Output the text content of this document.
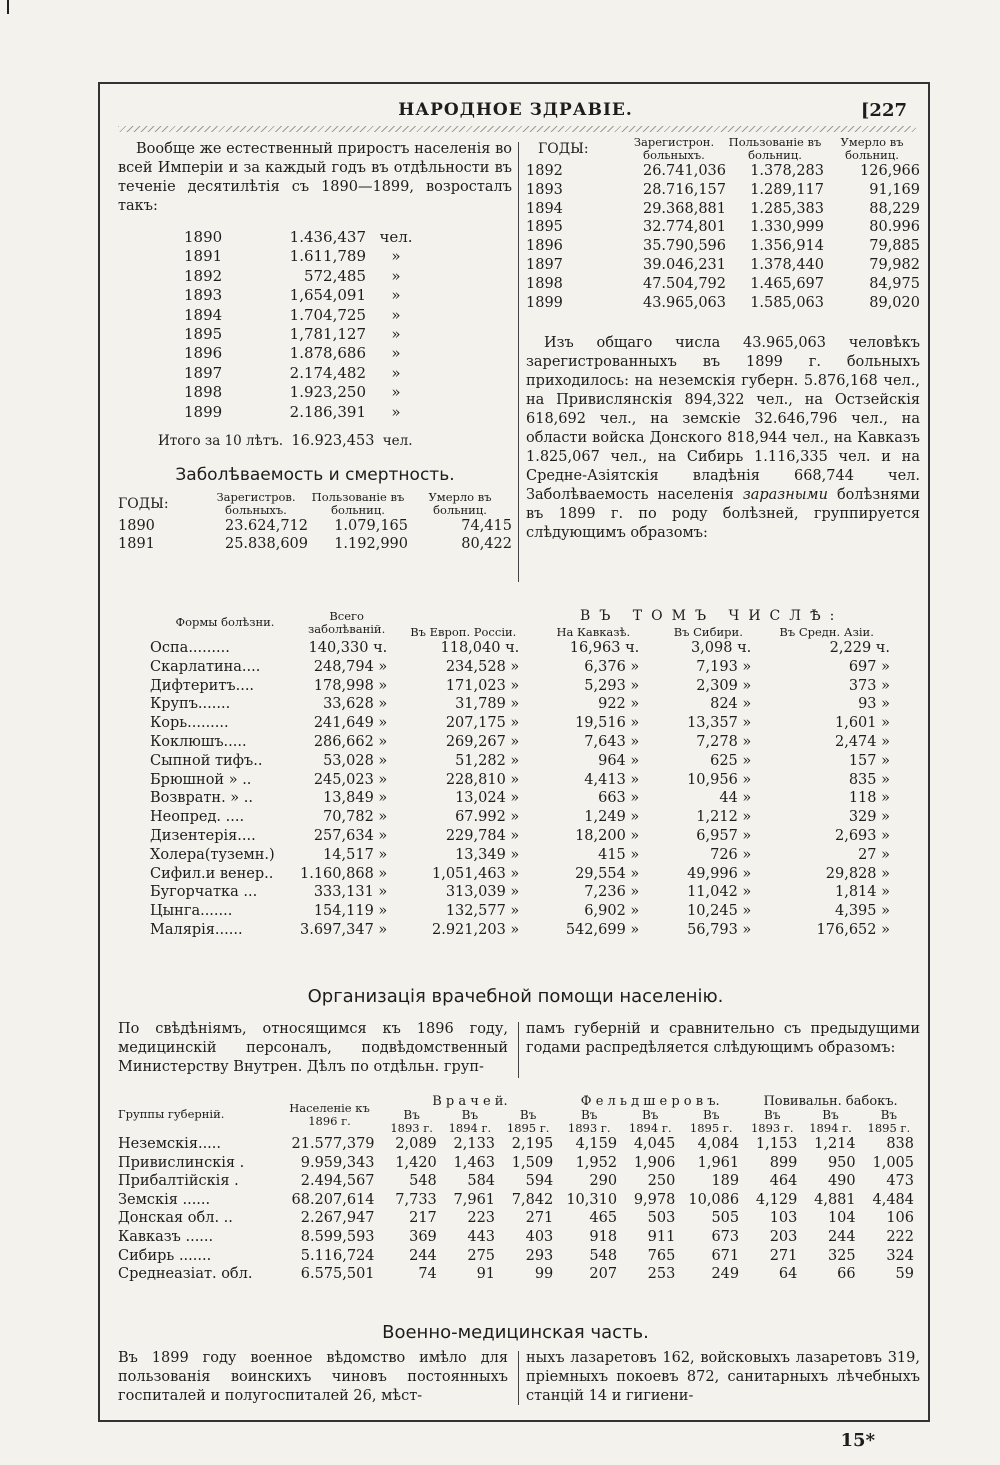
НАРОДНОЕ ЗДРАВІЕ.	[227

Вообще же естественный приростъ населенія во всей Имперіи и за каждый годъ въ отдѣльности въ теченіе десятилѣтія съ 1890—1899, возросталъ такъ:

1890	1.436,437	чел.
1891	1.611,789	»
1892	572,485	»
1893	1,654,091	»
1894	1.704,725	»
1895	1,781,127	»
1896	1.878,686	»
1897	2.174,482	»
1898	1.923,250	»
1899	2.186,391	»
Итого за 10 лѣтъ. 16.923,453 чел.
Заболѣваемость и смертность.
ГОДЫ:	Зарегистров. больныхъ.	Пользованіе въ больниц.	Умерло въ больниц.
1890	23.624,712	1.079,165	74,415
1891	25.838,609	1.192,990	80,422
ГОДЫ:	Зарегистрон. больныхъ.	Пользованіе въ больниц.	Умерло въ больниц.
1892	26.741,036	1.378,283	126,966
1893	28.716,157	1.289,117	91,169
1894	29.368,881	1.285,383	88,229
1895	32.774,801	1.330,999	80.996
1896	35.790,596	1.356,914	79,885
1897	39.046,231	1.378,440	79,982
1898	47.504,792	1.465,697	84,975
1899	43.965,063	1.585,063	89,020

Изъ общаго числа 43.965,063 человѣкъ зарегистрованныхъ въ 1899 г. больныхъ приходилось: на неземскія губерн. 5.876,168 чел., на Привислянскія 894,322 чел., на Остзейскія 618,692 чел., на земскіе 32.646,796 чел., на области войска Донского 818,944 чел., на Кавказъ 1.825,067 чел., на Сибирь 1.116,335 чел. и на Средне-Азіятскія владѣнія 668,744 чел. Заболѣваемость населенія заразными болѣзнями въ 1899 г. по роду болѣзней, группируется слѣдующимъ образомъ:

Формы болѣзни.	Всего заболѣваній.	Въ Европ. Россіи.	ВЪ ТОМЪ ЧИСЛѢ:		
			На Кавказѣ.	Въ Сибири.	Въ Средн. Азіи.
Оспа.........	140,330 ч.	118,040 ч.	16,963 ч.	3,098 ч.	2,229 ч.
Скарлатина....	248,794 »	234,528 »	6,376 »	7,193 »	697 »
Дифтеритъ....	178,998 »	171,023 »	5,293 »	2,309 »	373 »
Крупъ.......	33,628 »	31,789 »	922 »	824 »	93 »
Корь.........	241,649 »	207,175 »	19,516 »	13,357 »	1,601 »
Коклюшъ.....	286,662 »	269,267 »	7,643 »	7,278 »	2,474 »
Сыпной тифъ..	53,028 »	51,282 »	964 »	625 »	157 »
Брюшной » ..	245,023 »	228,810 »	4,413 »	10,956 »	835 »
Возвратн. » ..	13,849 »	13,024 »	663 »	44 »	118 »
Неопред. ....	70,782 »	67.992 »	1,249 »	1,212 »	329 »
Дизентерія....	257,634 »	229,784 »	18,200 »	6,957 »	2,693 »
Холера(туземн.)	14,517 »	13,349 »	415 »	726 »	27 »
Сифил.и венер..	1.160,868 »	1,051,463 »	29,554 »	49,996 »	29,828 »
Бугорчатка ...	333,131 »	313,039 »	7,236 »	11,042 »	1,814 »
Цынга.......	154,119 »	132,577 »	6,902 »	10,245 »	4,395 »
Малярія......	3.697,347 »	2.921,203 »	542,699 »	56,793 »	176,652 »
Организація врачебной помощи населенію.
По свѣдѣніямъ, относящимся къ 1896 году, медицинскій персоналъ, подвѣдомственный Министерству Внутрен. Дѣлъ по отдѣльн. груп-
памъ губерній и сравнительно съ предыдущими годами распредѣляется слѣдующимъ образомъ:
Группы губерній.	Населеніе къ 1896 г.	В р а ч е й.			Ф е л ь д ш е р о в ъ.			Повивальн. бабокъ.		
		Въ	Въ	Въ	Въ	Въ	Въ	Въ	Въ	Въ
		1893 г.	1894 г.	1895 г.	1893 г.	1894 г.	1895 г.	1893 г.	1894 г.	1895 г.
Неземскія.....	21.577,379	2,089	2,133	2,195	4,159	4,045	4,084	1,153	1,214	838
Привислинскія .	9.959,343	1,420	1,463	1,509	1,952	1,906	1,961	899	950	1,005
Прибалтійскія .	2.494,567	548	584	594	290	250	189	464	490	473
Земскія ......	68.207,614	7,733	7,961	7,842	10,310	9,978	10,086	4,129	4,881	4,484
Донская обл. ..	2.267,947	217	223	271	465	503	505	103	104	106
Кавказъ ......	8.599,593	369	443	403	918	911	673	203	244	222
Сибирь .......	5.116,724	244	275	293	548	765	671	271	325	324
Среднеазіат. обл.	6.575,501	74	91	99	207	253	249	64	66	59
Военно-медицинская часть.
Въ 1899 году военное вѣдомство имѣло для пользованія воинскихъ чиновъ постоянныхъ госпиталей и полугоспиталей 26, мѣст-
ныхъ лазаретовъ 162, войсковыхъ лазаретовъ 319, пріемныхъ покоевъ 872, санитарныхъ лѣчебныхъ станцій 14 и гигиени-
15*
